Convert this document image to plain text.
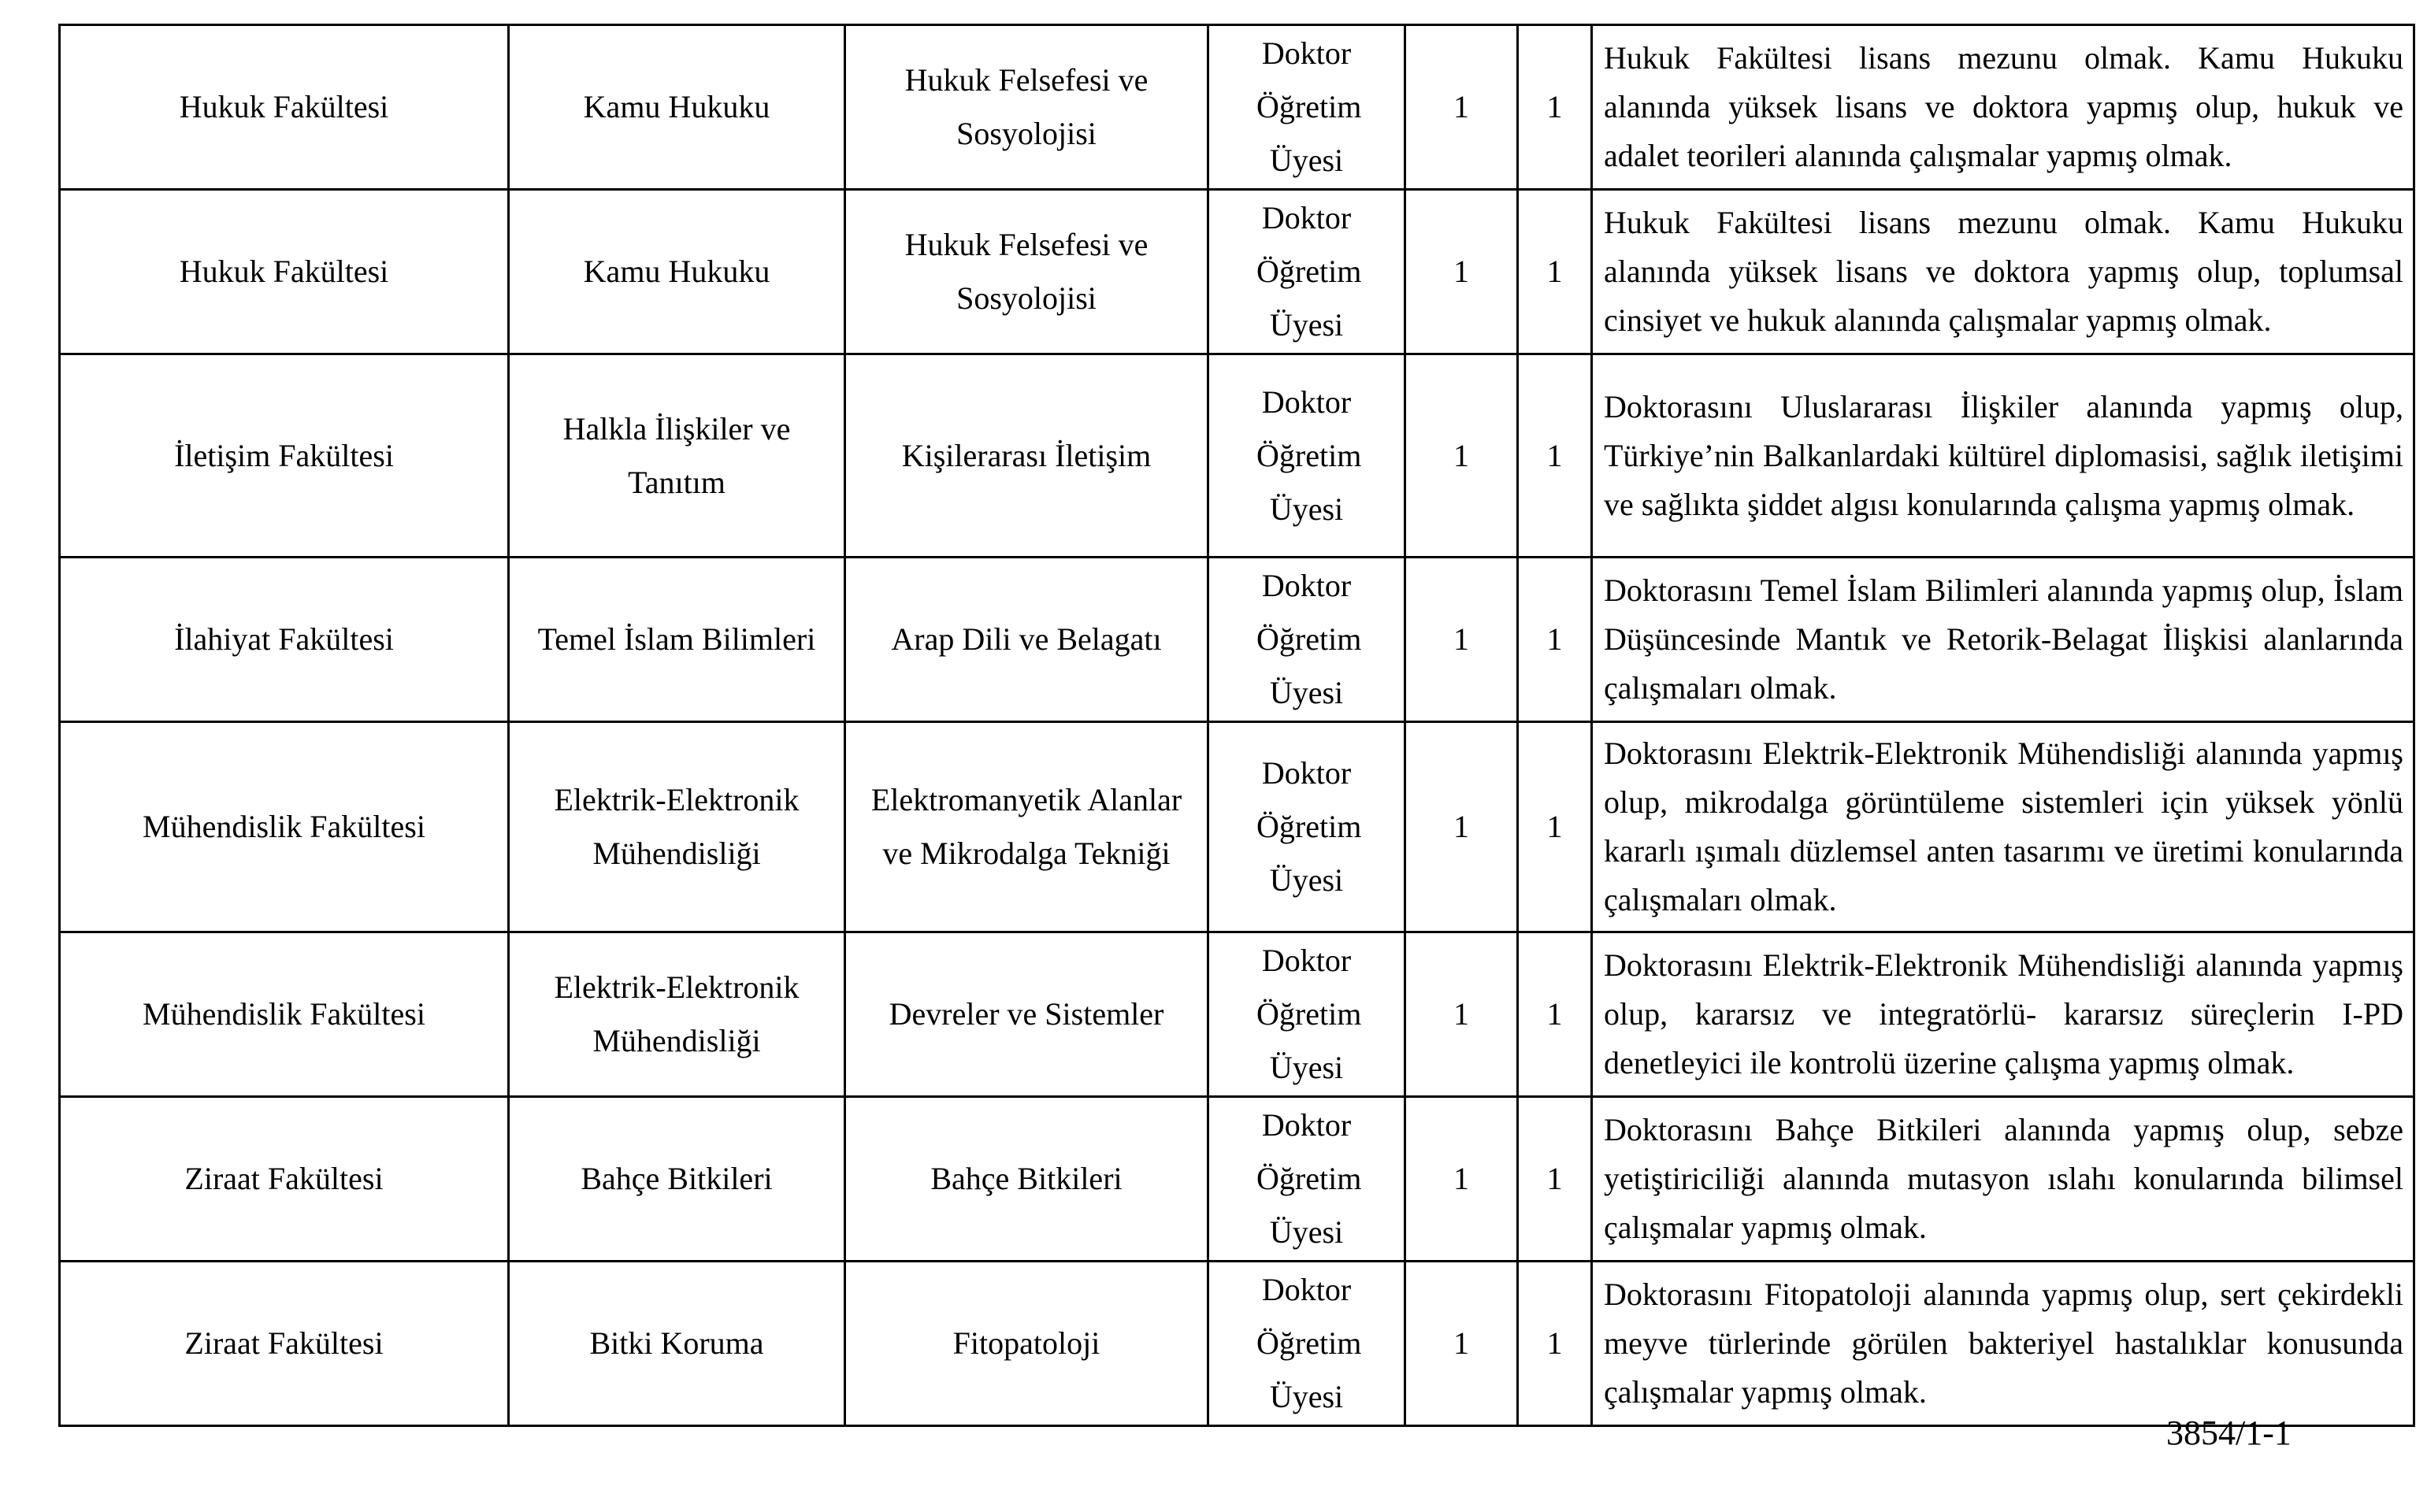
Hukuk Fakültesi	Kamu Hukuku	Hukuk Felsefesi ve Sosyolojisi	Doktor Öğretim Üyesi	1	1	Hukuk Fakültesi lisans mezunu olmak. Kamu Hukuku alanında yüksek lisans ve doktora yapmış olup, hukuk ve adalet teorileri alanında çalışmalar yapmış olmak.

Hukuk Fakültesi	Kamu Hukuku	Hukuk Felsefesi ve Sosyolojisi	Doktor Öğretim Üyesi	1	1	Hukuk Fakültesi lisans mezunu olmak. Kamu Hukuku alanında yüksek lisans ve doktora yapmış olup, toplumsal cinsiyet ve hukuk alanında çalışmalar yapmış olmak.

İletişim Fakültesi	Halkla İlişkiler ve Tanıtım	Kişilerarası İletişim	Doktor Öğretim Üyesi	1	1	Doktorasını Uluslararası İlişkiler alanında yapmış olup, Türkiye’nin Balkanlardaki kültürel diplomasisi, sağlık iletişimi ve sağlıkta şiddet algısı konularında çalışma yapmış olmak.

İlahiyat Fakültesi	Temel İslam Bilimleri	Arap Dili ve Belagatı	Doktor Öğretim Üyesi	1	1	Doktorasını Temel İslam Bilimleri alanında yapmış olup, İslam Düşüncesinde Mantık ve Retorik-Belagat İlişkisi alanlarında çalışmaları olmak.

Mühendislik Fakültesi	Elektrik-Elektronik Mühendisliği	Elektromanyetik Alanlar ve Mikrodalga Tekniği	Doktor Öğretim Üyesi	1	1	Doktorasını Elektrik-Elektronik Mühendisliği alanında yapmış olup, mikrodalga görüntüleme sistemleri için yüksek yönlü kararlı ışımalı düzlemsel anten tasarımı ve üretimi konularında çalışmaları olmak.

Mühendislik Fakültesi	Elektrik-Elektronik Mühendisliği	Devreler ve Sistemler	Doktor Öğretim Üyesi	1	1	Doktorasını Elektrik-Elektronik Mühendisliği alanında yapmış olup, kararsız ve integratörlü- kararsız süreçlerin I-PD denetleyici ile kontrolü üzerine çalışma yapmış olmak.

Ziraat Fakültesi	Bahçe Bitkileri	Bahçe Bitkileri	Doktor Öğretim Üyesi	1	1	Doktorasını Bahçe Bitkileri alanında yapmış olup, sebze yetiştiriciliği alanında mutasyon ıslahı konularında bilimsel çalışmalar yapmış olmak.

Ziraat Fakültesi	Bitki Koruma	Fitopatoloji	Doktor Öğretim Üyesi	1	1	Doktorasını Fitopatoloji alanında yapmış olup, sert çekirdekli meyve türlerinde görülen bakteriyel hastalıklar konusunda çalışmalar yapmış olmak.
3854/1-1
